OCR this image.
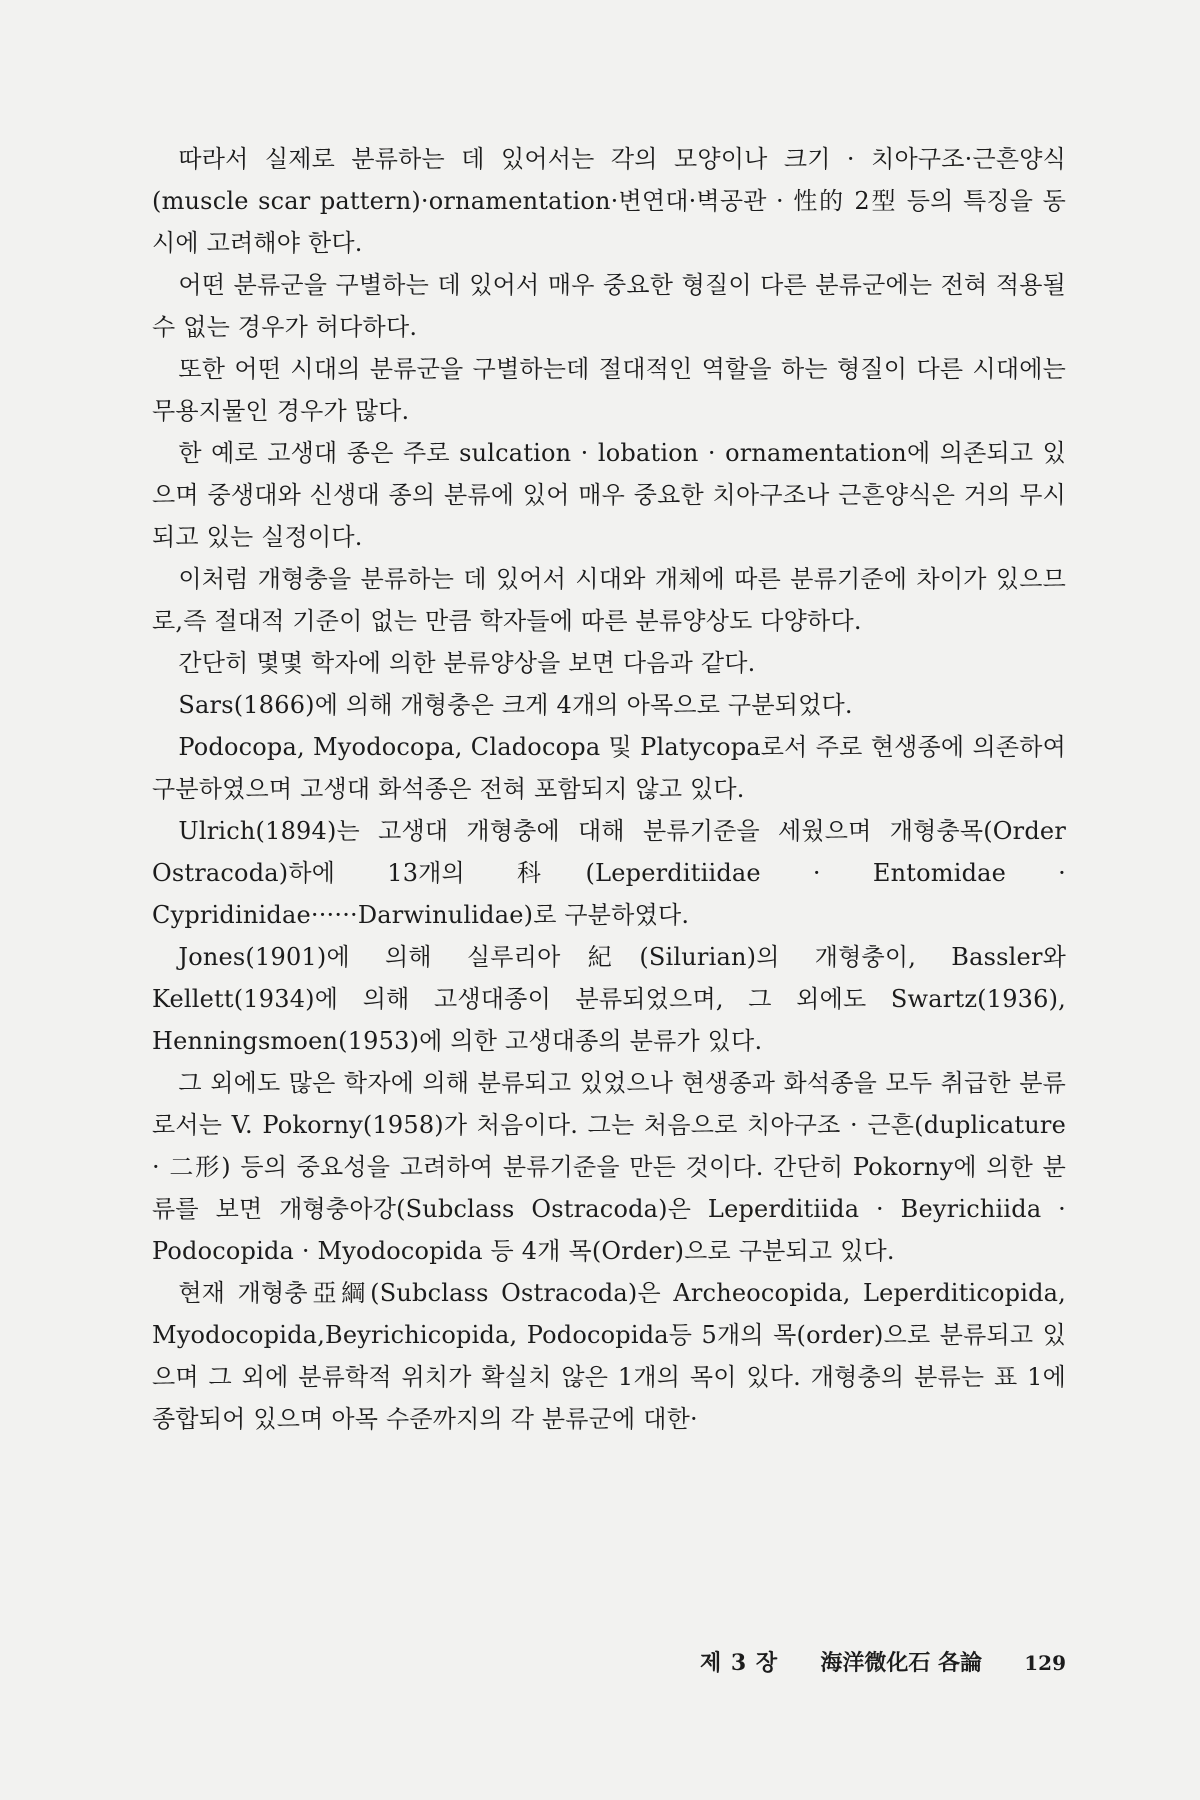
따라서 실제로 분류하는 데 있어서는 각의 모양이나 크기 · 치아구조·근흔양식(muscle scar pattern)·ornamentation·변연대·벽공관 · 性的 2型 등의 특징을 동시에 고려해야 한다.

어떤 분류군을 구별하는 데 있어서 매우 중요한 형질이 다른 분류군에는 전혀 적용될 수 없는 경우가 허다하다.

또한 어떤 시대의 분류군을 구별하는데 절대적인 역할을 하는 형질이 다른 시대에는 무용지물인 경우가 많다.

한 예로 고생대 종은 주로 sulcation · lobation · ornamentation에 의존되고 있으며 중생대와 신생대 종의 분류에 있어 매우 중요한 치아구조나 근흔양식은 거의 무시되고 있는 실정이다.

이처럼 개형충을 분류하는 데 있어서 시대와 개체에 따른 분류기준에 차이가 있으므로,즉 절대적 기준이 없는 만큼 학자들에 따른 분류양상도 다양하다.

간단히 몇몇 학자에 의한 분류양상을 보면 다음과 같다.

Sars(1866)에 의해 개형충은 크게 4개의 아목으로 구분되었다.

Podocopa, Myodocopa, Cladocopa 및 Platycopa로서 주로 현생종에 의존하여 구분하였으며 고생대 화석종은 전혀 포함되지 않고 있다.

Ulrich(1894)는 고생대 개형충에 대해 분류기준을 세웠으며 개형충목(Order Ostracoda)하에 13개의 科(Leperditiidae · Entomidae · Cypridinidae······Darwinulidae)로 구분하였다.

Jones(1901)에 의해 실루리아紀(Silurian)의 개형충이, Bassler와 Kellett(1934)에 의해 고생대종이 분류되었으며, 그 외에도 Swartz(1936), Henningsmoen(1953)에 의한 고생대종의 분류가 있다.

그 외에도 많은 학자에 의해 분류되고 있었으나 현생종과 화석종을 모두 취급한 분류로서는 V. Pokorny(1958)가 처음이다. 그는 처음으로 치아구조 · 근흔(duplicature · 二形) 등의 중요성을 고려하여 분류기준을 만든 것이다. 간단히 Pokorny에 의한 분류를 보면 개형충아강(Subclass Ostracoda)은 Leperditiida · Beyrichiida · Podocopida · Myodocopida 등 4개 목(Order)으로 구분되고 있다.

현재 개형충亞綱(Subclass Ostracoda)은 Archeocopida, Leperditicopida, Myodocopida,Beyrichicopida, Podocopida등 5개의 목(order)으로 분류되고 있으며 그 외에 분류학적 위치가 확실치 않은 1개의 목이 있다. 개형충의 분류는 표 1에 종합되어 있으며 아목 수준까지의 각 분류군에 대한·

제 3 장 海洋微化石 各論 129
